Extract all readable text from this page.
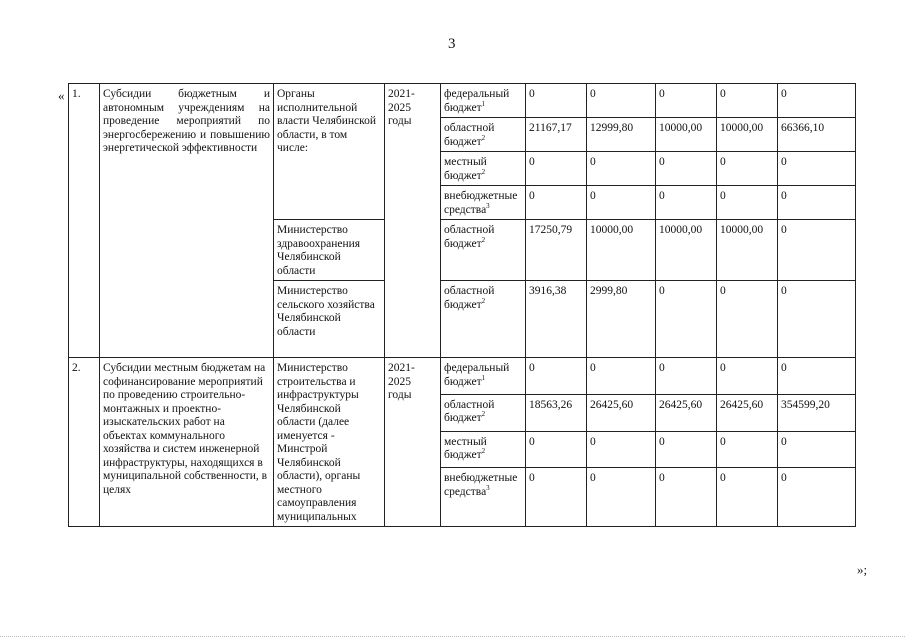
3
«
»;
1.	Субсидии бюджетным и автономным учреждениям на проведение мероприятий по энергосбережению и повышению энергетической эффективности	Органы исполнительной власти Челябинской области, в том числе:	2021-2025 годы	федеральный бюджет$^1$	0	0	0	0	0
				областной бюджет$^2$	21167,17	12999,80	10000,00	10000,00	66366,10
				местный бюджет$^2$	0	0	0	0	0
				внебюджетные средства$^3$	0	0	0	0	0
		Министерство здравоохранения Челябинской области		областной бюджет$^2$	17250,79	10000,00	10000,00	10000,00	0
		Министерство сельского хозяйства Челябинской области		областной бюджет$^2$	3916,38	2999,80	0	0	0
2.	Субсидии местным бюджетам на софинансирование мероприятий по проведению строительно-монтажных и проектно-изыскательских работ на объектах коммунального хозяйства и систем инженерной инфраструктуры, находящихся в муниципальной собственности, в целях	Министерство строительства и инфраструктуры Челябинской области (далее именуется - Минстрой Челябинской области), органы местного самоуправления муниципальных	2021-2025 годы	федеральный бюджет$^1$	0	0	0	0	0
				областной бюджет$^2$	18563,26	26425,60	26425,60	26425,60	354599,20
				местный бюджет$^2$	0	0	0	0	0
				внебюджетные средства$^3$	0	0	0	0	0
